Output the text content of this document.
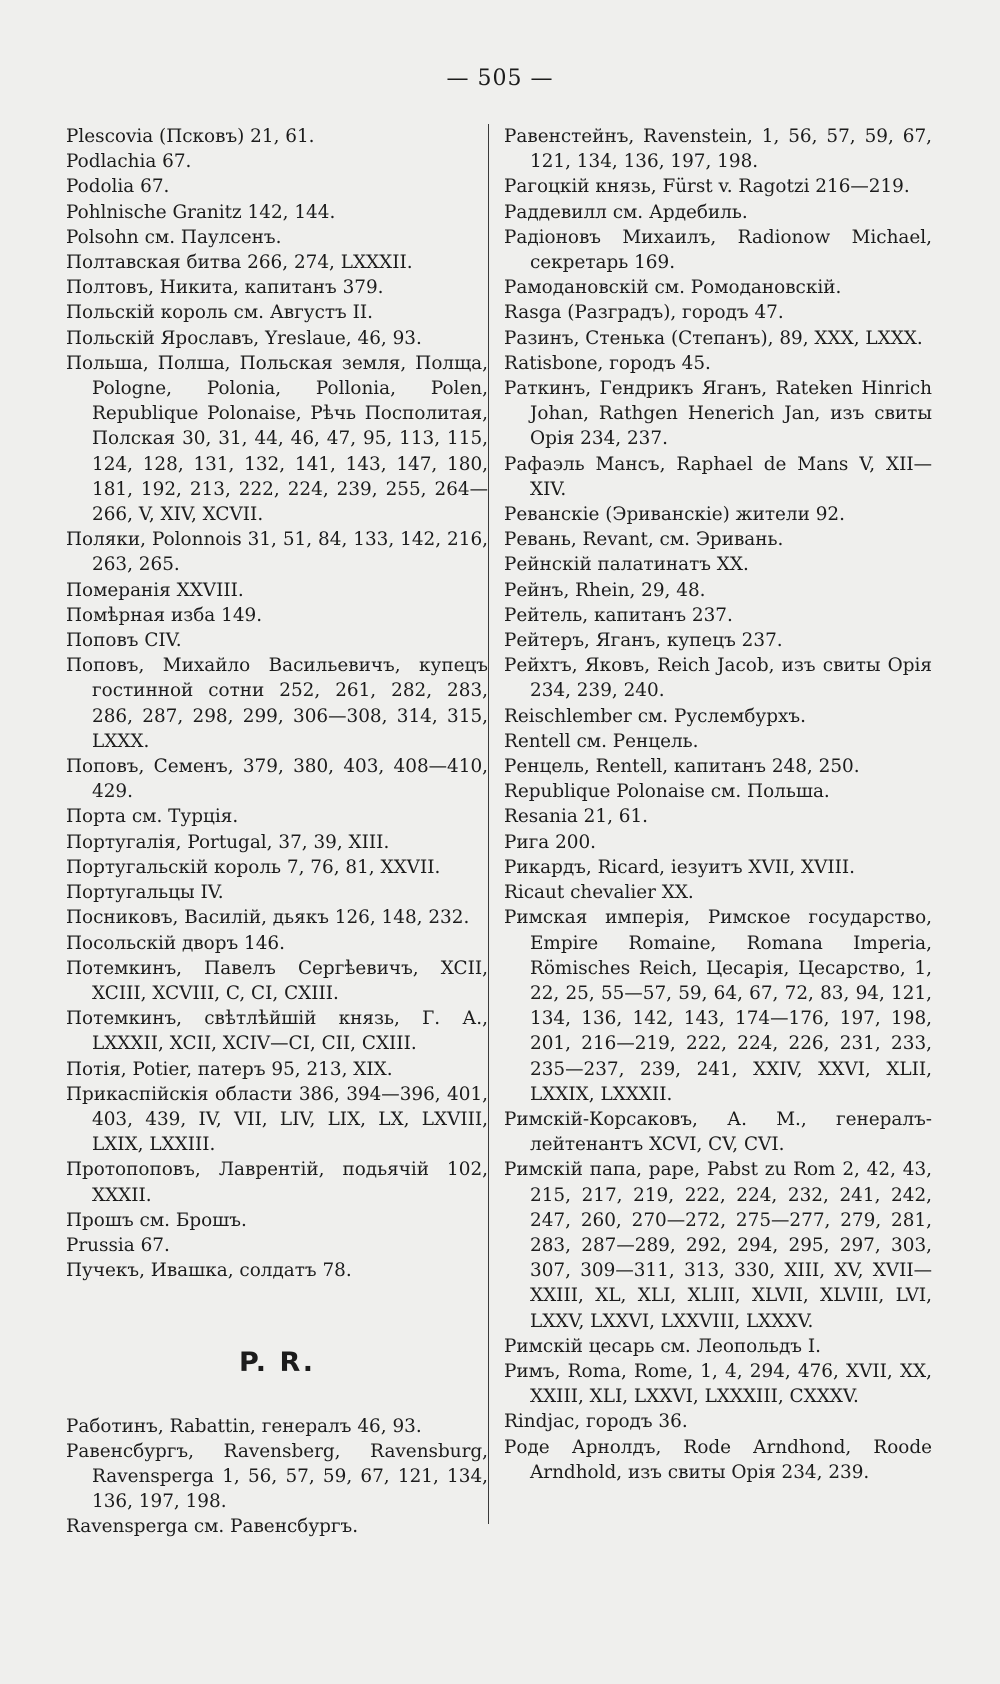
— 505 —

Plescovia (Псковъ) 21, 61.

Podlachia 67.

Podolia 67.

Pohlnische Granitz 142, 144.

Polsohn см. Паулсенъ.

Полтавская битва 266, 274, LXXXII.

Полтовъ, Никита, капитанъ 379.

Польскій король см. Августъ II.

Польскій Ярославъ, Yreslaue, 46, 93.

Польша, Полша, Польская земля, Полща, Pologne, Polonia, Pollonia, Polen, Republique Polonaise, Рѣчь Посполитая, Полская 30, 31, 44, 46, 47, 95, 113, 115, 124, 128, 131, 132, 141, 143, 147, 180, 181, 192, 213, 222, 224, 239, 255, 264—266, V, XIV, XCVII.

Поляки, Polonnois 31, 51, 84, 133, 142, 216, 263, 265.

Померанія XXVIII.

Помѣрная изба 149.

Поповъ CIV.

Поповъ, Михайло Васильевичъ, купецъ гостинной сотни 252, 261, 282, 283, 286, 287, 298, 299, 306—308, 314, 315, LXXX.

Поповъ, Семенъ, 379, 380, 403, 408—410, 429.

Порта см. Турція.

Португалія, Portugal, 37, 39, XIII.

Португальскій король 7, 76, 81, XXVII.

Португальцы IV.

Посниковъ, Василій, дьякъ 126, 148, 232.

Посольскій дворъ 146.

Потемкинъ, Павелъ Сергѣевичъ, XCII, XCIII, XCVIII, C, CI, CXIII.

Потемкинъ, свѣтлѣйшій князь, Г. А., LXXXII, XCII, XCIV—CI, CII, CXIII.

Потія, Potier, патеръ 95, 213, XIX.

Прикаспійскія области 386, 394—396, 401, 403, 439, IV, VII, LIV, LIX, LX, LXVIII, LXIX, LXXIII.

Протопоповъ, Лаврентій, подьячій 102, XXXII.

Прошъ см. Брошъ.

Prussia 67.

Пучекъ, Ивашка, солдатъ 78.

P. R.

Работинъ, Rabattin, генералъ 46, 93.

Равенсбургъ, Ravensberg, Ravensburg, Ravensperga 1, 56, 57, 59, 67, 121, 134, 136, 197, 198.

Ravensperga см. Равенсбургъ.

Равенстейнъ, Ravenstein, 1, 56, 57, 59, 67, 121, 134, 136, 197, 198.

Рагоцкій князь, Fürst v. Ragotzi 216—219.

Раддевилл см. Ардебиль.

Радіоновъ Михаилъ, Radionow Michael, секретарь 169.

Рамодановскій см. Ромодановскій.

Rasga (Разградъ), городъ 47.

Разинъ, Стенька (Степанъ), 89, XXX, LXXX.

Ratisbone, городъ 45.

Раткинъ, Гендрикъ Яганъ, Rateken Hinrich Johan, Rathgen Henerich Jan, изъ свиты Орія 234, 237.

Рафаэль Мансъ, Raphael de Mans V, XII—XIV.

Реванскіе (Эриванскіе) жители 92.

Ревань, Revant, см. Эривань.

Рейнскій палатинатъ XX.

Рейнъ, Rhein, 29, 48.

Рейтель, капитанъ 237.

Рейтеръ, Яганъ, купецъ 237.

Рейхтъ, Яковъ, Reich Jacob, изъ свиты Орія 234, 239, 240.

Reischlember см. Руслембурхъ.

Rentell см. Ренцель.

Ренцель, Rentell, капитанъ 248, 250.

Republique Polonaise см. Польша.

Resania 21, 61.

Рига 200.

Рикардъ, Ricard, іезуитъ XVII, XVIII.

Ricaut chevalier XX.

Римская имперія, Римское государство, Empire Romaine, Romana Imperia, Römisches Reich, Цесарія, Цесарство, 1, 22, 25, 55—57, 59, 64, 67, 72, 83, 94, 121, 134, 136, 142, 143, 174—176, 197, 198, 201, 216—219, 222, 224, 226, 231, 233, 235—237, 239, 241, XXIV, XXVI, XLII, LXXIX, LXXXII.

Римскій-Корсаковъ, А. М., генералъ-лейтенантъ XCVI, CV, CVI.

Римскій папа, pape, Pabst zu Rom 2, 42, 43, 215, 217, 219, 222, 224, 232, 241, 242, 247, 260, 270—272, 275—277, 279, 281, 283, 287—289, 292, 294, 295, 297, 303, 307, 309—311, 313, 330, XIII, XV, XVII—XXIII, XL, XLI, XLIII, XLVII, XLVIII, LVI, LXXV, LXXVI, LXXVIII, LXXXV.

Римскій цесарь см. Леопольдъ I.

Римъ, Roma, Rome, 1, 4, 294, 476, XVII, XX, XXIII, XLI, LXXVI, LXXXIII, CXXXV.

Rindjac, городъ 36.

Роде Арнолдъ, Rode Arndhond, Roode Arndhold, изъ свиты Орія 234, 239.
